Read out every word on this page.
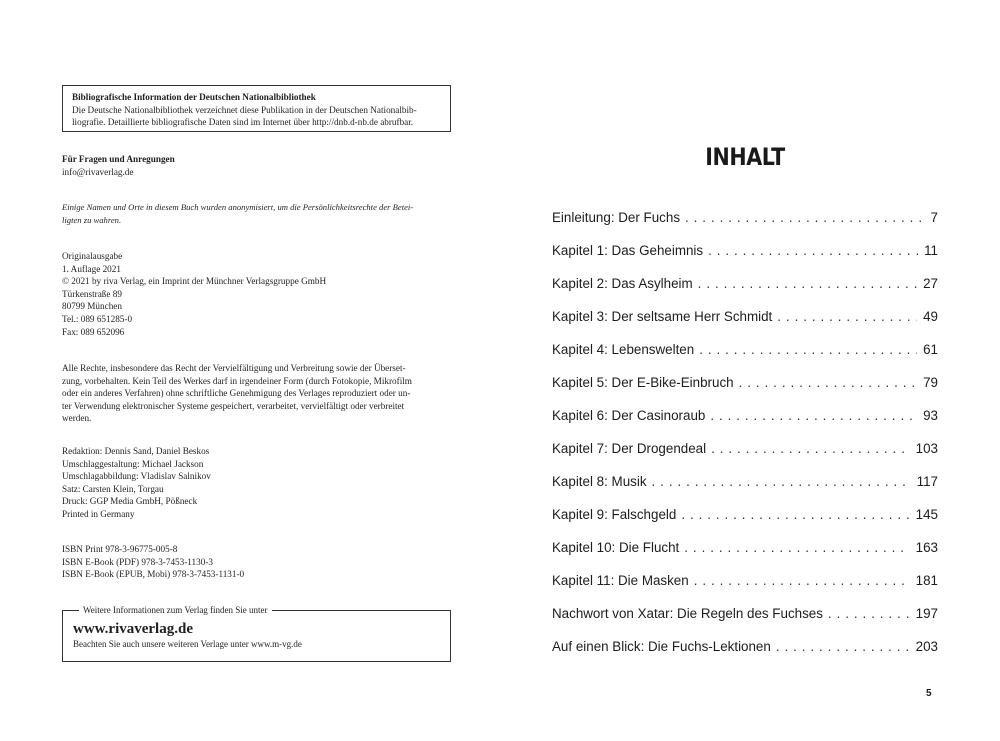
Bibliografische Information der Deutschen Nationalbibliothek
Die Deutsche Nationalbibliothek verzeichnet diese Publikation in der Deutschen Nationalbib-
liografie. Detaillierte bibliografische Daten sind im Internet über http://dnb.d-nb.de abrufbar.
Für Fragen und Anregungen
info@rivaverlag.de
Einige Namen und Orte in diesem Buch wurden anonymisiert, um die Persönlichkeitsrechte der Betei-
ligten zu wahren.
Originalausgabe
1. Auflage 2021
© 2021 by riva Verlag, ein Imprint der Münchner Verlagsgruppe GmbH
Türkenstraße 89
80799 München
Tel.: 089 651285-0
Fax: 089 652096
Alle Rechte, insbesondere das Recht der Vervielfältigung und Verbreitung sowie der Überset-
zung, vorbehalten. Kein Teil des Werkes darf in irgendeiner Form (durch Fotokopie, Mikrofilm
oder ein anderes Verfahren) ohne schriftliche Genehmigung des Verlages reproduziert oder un-
ter Verwendung elektronischer Systeme gespeichert, verarbeitet, vervielfältigt oder verbreitet
werden.
Redaktion: Dennis Sand, Daniel Beskos
Umschlaggestaltung: Michael Jackson
Umschlagabbildung: Vladislav Salnikov
Satz: Carsten Klein, Torgau
Druck: GGP Media GmbH, Pößneck
Printed in Germany
ISBN Print 978-3-96775-005-8
ISBN E-Book (PDF) 978-3-7453-1130-3
ISBN E-Book (EPUB, Mobi) 978-3-7453-1131-0
Weitere Informationen zum Verlag finden Sie unter
www.rivaverlag.de
Beachten Sie auch unsere weiteren Verlage unter www.m-vg.de
INHALT
Einleitung: Der Fuchs . . .	7
Kapitel 1: Das Geheimnis . . .	11
Kapitel 2: Das Asylheim . . .	27
Kapitel 3: Der seltsame Herr Schmidt . . .	49
Kapitel 4: Lebenswelten . . .	61
Kapitel 5: Der E-Bike-Einbruch . . .	79
Kapitel 6: Der Casinoraub . . .	93
Kapitel 7: Der Drogendeal . . .	103
Kapitel 8: Musik . . .	117
Kapitel 9: Falschgeld . . .	145
Kapitel 10: Die Flucht . . .	163
Kapitel 11: Die Masken . . .	181
Nachwort von Xatar: Die Regeln des Fuchses . . .	197
Auf einen Blick: Die Fuchs-Lektionen . . .	203
5
